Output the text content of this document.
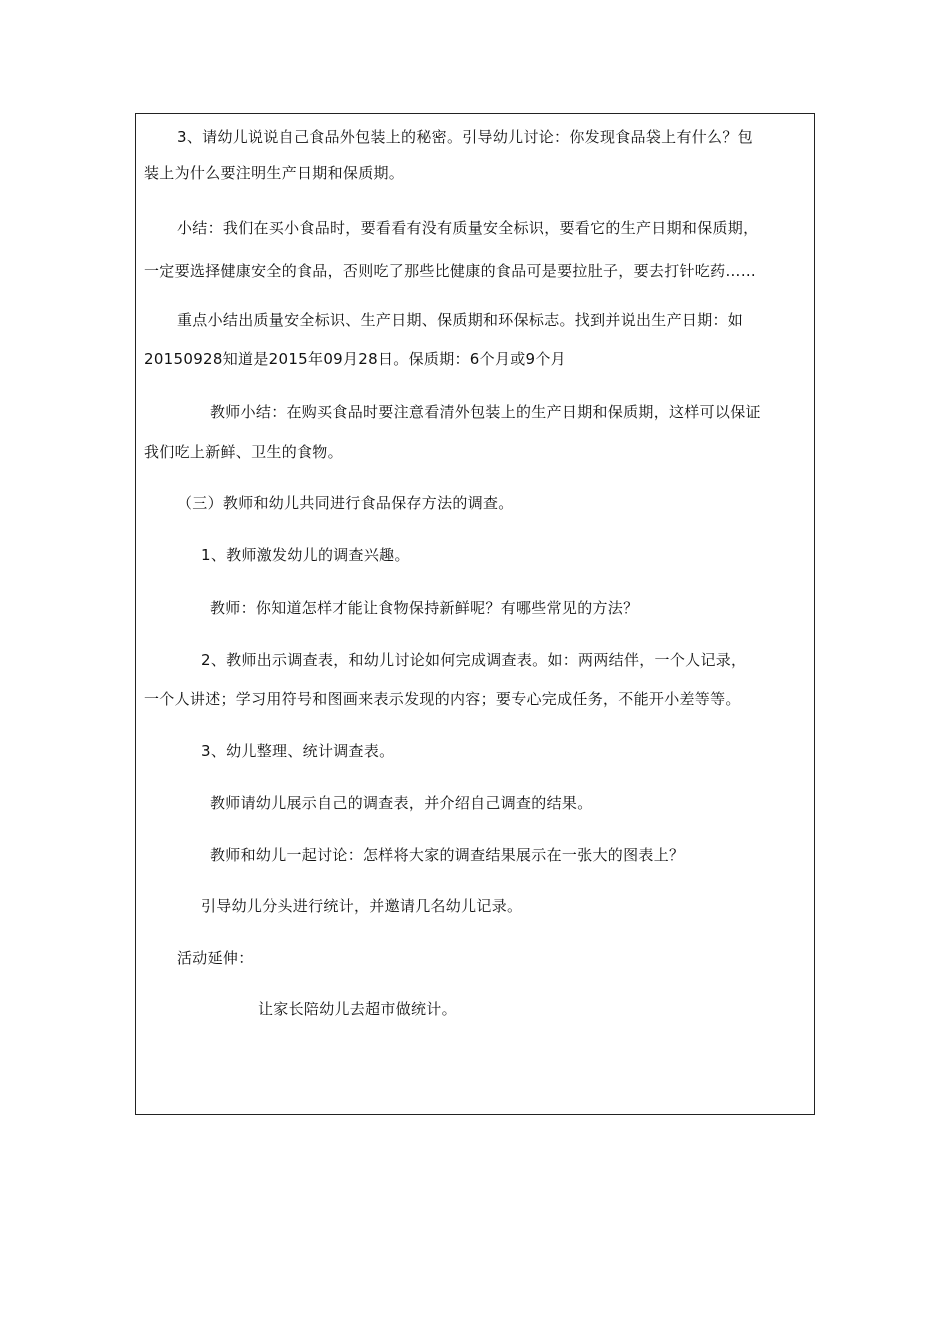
3、请幼儿说说自己食品外包装上的秘密。引导幼儿讨论：你发现食品袋上有什么？包
装上为什么要注明生产日期和保质期。
小结：我们在买小食品时，要看看有没有质量安全标识，要看它的生产日期和保质期，
一定要选择健康安全的食品，否则吃了那些比健康的食品可是要拉肚子，要去打针吃药……
重点小结出质量安全标识、生产日期、保质期和环保标志。找到并说出生产日期：如
20150928知道是2015年09月28日。保质期：6个月或9个月
教师小结：在购买食品时要注意看清外包装上的生产日期和保质期，这样可以保证
我们吃上新鲜、卫生的食物。
（三）教师和幼儿共同进行食品保存方法的调查。
1、教师激发幼儿的调查兴趣。
教师：你知道怎样才能让食物保持新鲜呢？有哪些常见的方法？
2、教师出示调查表，和幼儿讨论如何完成调查表。如：两两结伴，一个人记录，
一个人讲述；学习用符号和图画来表示发现的内容；要专心完成任务，不能开小差等等。
3、幼儿整理、统计调查表。
教师请幼儿展示自己的调查表，并介绍自己调查的结果。
教师和幼儿一起讨论：怎样将大家的调查结果展示在一张大的图表上？
引导幼儿分头进行统计，并邀请几名幼儿记录。
活动延伸：
让家长陪幼儿去超市做统计。
